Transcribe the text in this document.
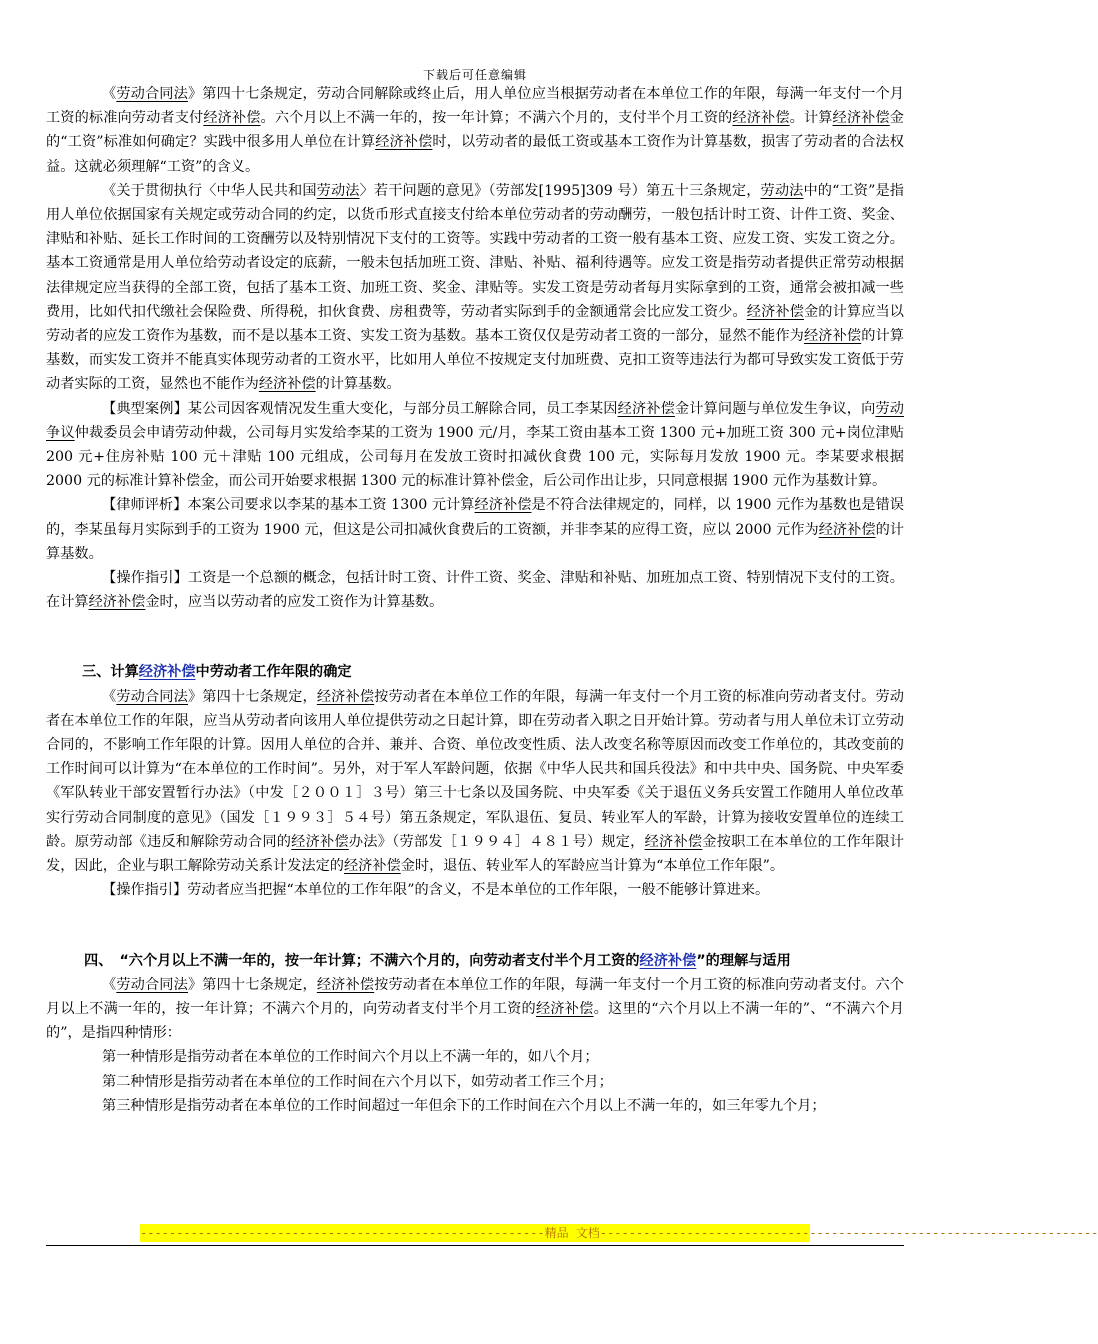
下载后可任意编辑

《劳动合同法》第四十七条规定，劳动合同解除或终止后，用人单位应当根据劳动者在本单位工作的年限，每满一年支付一个月工资的标准向劳动者支付经济补偿。六个月以上不满一年的，按一年计算；不满六个月的，支付半个月工资的经济补偿。计算经济补偿金的“工资”标准如何确定？实践中很多用人单位在计算经济补偿时，以劳动者的最低工资或基本工资作为计算基数，损害了劳动者的合法权益。这就必须理解“工资”的含义。

《关于贯彻执行〈中华人民共和国劳动法〉若干问题的意见》（劳部发[1995]309 号）第五十三条规定，劳动法中的“工资”是指用人单位依据国家有关规定或劳动合同的约定，以货币形式直接支付给本单位劳动者的劳动酬劳，一般包括计时工资、计件工资、奖金、津贴和补贴、延长工作时间的工资酬劳以及特别情况下支付的工资等。实践中劳动者的工资一般有基本工资、应发工资、实发工资之分。基本工资通常是用人单位给劳动者设定的底薪，一般未包括加班工资、津贴、补贴、福利待遇等。应发工资是指劳动者提供正常劳动根据法律规定应当获得的全部工资，包括了基本工资、加班工资、奖金、津贴等。实发工资是劳动者每月实际拿到的工资，通常会被扣减一些费用，比如代扣代缴社会保险费、所得税，扣伙食费、房租费等，劳动者实际到手的金额通常会比应发工资少。经济补偿金的计算应当以劳动者的应发工资作为基数，而不是以基本工资、实发工资为基数。基本工资仅仅是劳动者工资的一部分，显然不能作为经济补偿的计算基数，而实发工资并不能真实体现劳动者的工资水平，比如用人单位不按规定支付加班费、克扣工资等违法行为都可导致实发工资低于劳动者实际的工资，显然也不能作为经济补偿的计算基数。

【典型案例】某公司因客观情况发生重大变化，与部分员工解除合同，员工李某因经济补偿金计算问题与单位发生争议，向劳动争议仲裁委员会申请劳动仲裁，公司每月实发给李某的工资为 1900 元/月，李某工资由基本工资 1300 元+加班工资 300 元+岗位津贴 200 元+住房补贴 100 元＋津贴 100 元组成，公司每月在发放工资时扣减伙食费 100 元，实际每月发放 1900 元。李某要求根据 2000 元的标准计算补偿金，而公司开始要求根据 1300 元的标准计算补偿金，后公司作出让步，只同意根据 1900 元作为基数计算。

【律师评析】本案公司要求以李某的基本工资 1300 元计算经济补偿是不符合法律规定的，同样，以 1900 元作为基数也是错误的，李某虽每月实际到手的工资为 1900 元，但这是公司扣减伙食费后的工资额，并非李某的应得工资，应以 2000 元作为经济补偿的计算基数。

【操作指引】工资是一个总额的概念，包括计时工资、计件工资、奖金、津贴和补贴、加班加点工资、特别情况下支付的工资。在计算经济补偿金时，应当以劳动者的应发工资作为计算基数。

三、计算经济补偿中劳动者工作年限的确定

《劳动合同法》第四十七条规定，经济补偿按劳动者在本单位工作的年限，每满一年支付一个月工资的标准向劳动者支付。劳动者在本单位工作的年限，应当从劳动者向该用人单位提供劳动之日起计算，即在劳动者入职之日开始计算。劳动者与用人单位未订立劳动合同的，不影响工作年限的计算。因用人单位的合并、兼并、合资、单位改变性质、法人改变名称等原因而改变工作单位的，其改变前的工作时间可以计算为“在本单位的工作时间”。另外，对于军人军龄问题，依据《中华人民共和国兵役法》和中共中央、国务院、中央军委《军队转业干部安置暂行办法》（中发［２００１］３号）第三十七条以及国务院、中央军委《关于退伍义务兵安置工作随用人单位改革实行劳动合同制度的意见》（国发［１９９３］５４号）第五条规定，军队退伍、复员、转业军人的军龄，计算为接收安置单位的连续工龄。原劳动部《违反和解除劳动合同的经济补偿办法》（劳部发［１９９４］４８１号）规定，经济补偿金按职工在本单位的工作年限计发，因此，企业与职工解除劳动关系计发法定的经济补偿金时，退伍、转业军人的军龄应当计算为“本单位工作年限”。

【操作指引】劳动者应当把握“本单位的工作年限”的含义，不是本单位的工作年限，一般不能够计算进来。

四、　“六个月以上不满一年的，按一年计算；不满六个月的，向劳动者支付半个月工资的经济补偿”的理解与适用

《劳动合同法》第四十七条规定，经济补偿按劳动者在本单位工作的年限，每满一年支付一个月工资的标准向劳动者支付。六个月以上不满一年的，按一年计算；不满六个月的，向劳动者支付半个月工资的经济补偿。这里的“六个月以上不满一年的”、“不满六个月的”，是指四种情形：

第一种情形是指劳动者在本单位的工作时间六个月以上不满一年的，如八个月；

第二种情形是指劳动者在本单位的工作时间在六个月以下，如劳动者工作三个月；

第三种情形是指劳动者在本单位的工作时间超过一年但余下的工作时间在六个月以上不满一年的，如三年零九个月；

--------------------------------------------------------精品 文档---------------------------------------------------------------------
